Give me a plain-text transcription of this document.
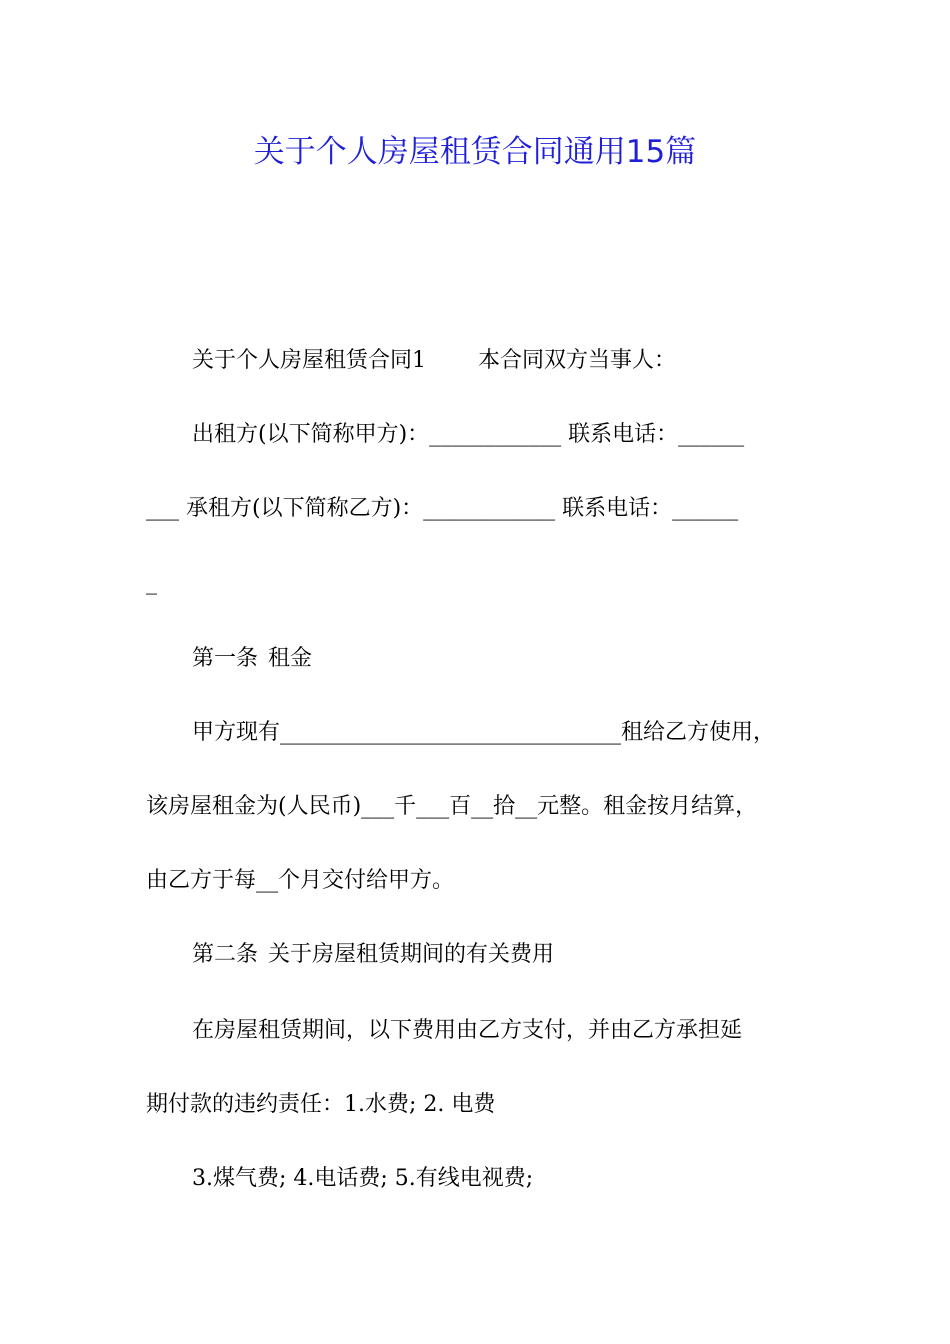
关于个人房屋租赁合同通用15篇

关于个人房屋租赁合同1 本合同双方当事人：

出租方(以下简称甲方)：____________ 联系电话：______

___ 承租方(以下简称乙方)：____________ 联系电话：______

_

第一条 租金

甲方现有_______________________________租给乙方使用，

该房屋租金为(人民币)___千___百__拾__元整。租金按月结算，

由乙方于每__个月交付给甲方。

第二条 关于房屋租赁期间的有关费用

在房屋租赁期间，以下费用由乙方支付，并由乙方承担延

期付款的违约责任：1.水费; 2. 电费

3.煤气费; 4.电话费; 5.有线电视费;
